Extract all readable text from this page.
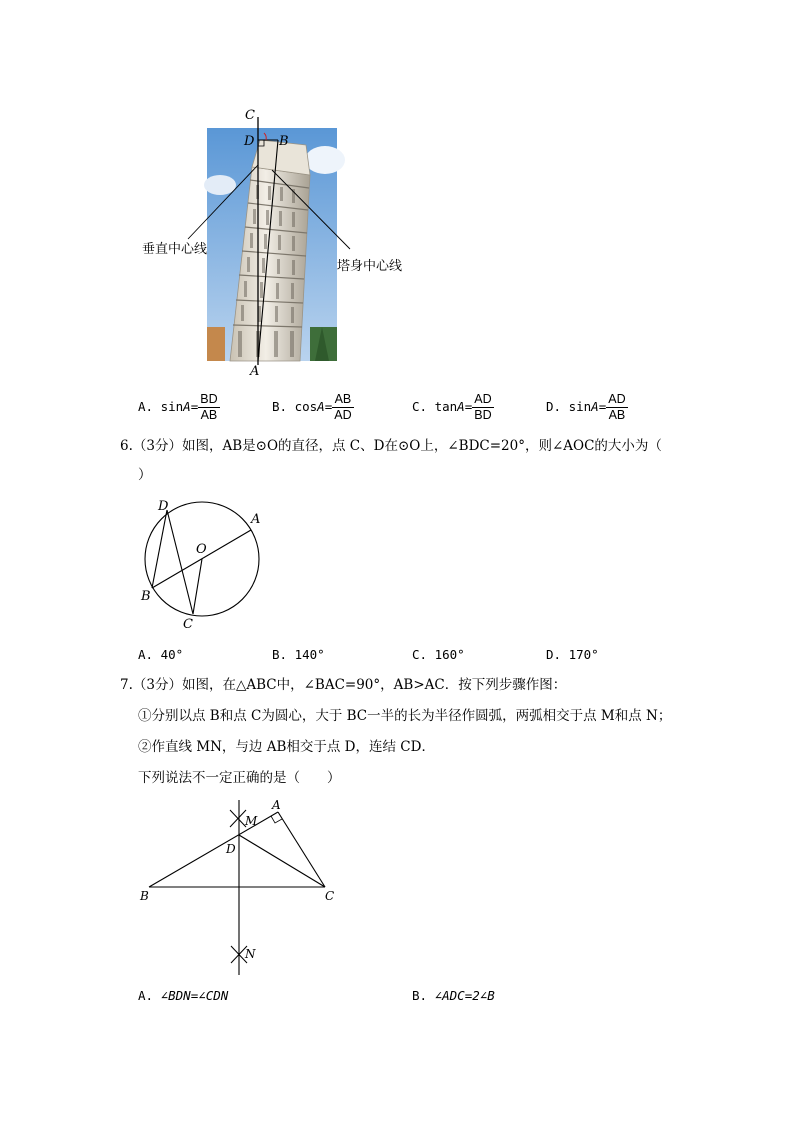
C
D B
A
垂直中心线
塔身中心线
A. $\sin A= \frac{BD}{AB}$	B. $\cos A= \frac{AB}{AD}$	C. $\tan A= \frac{AD}{BD}$	D. $\sin A= \frac{AD}{AB}$
6.（3分）如图，AB是⊙O的直径，点 C、D在⊙O上，∠BDC=20°，则∠AOC的大小为（
）
D
A
O
B
C
A. 40°	B. 140°	C. 160°	D. 170°
7.（3分）如图，在△ABC中，∠BAC=90°，AB>AC．按下列步骤作图：
①分别以点 B和点 C为圆心，大于 BC一半的长为半径作圆弧，两弧相交于点 M和点 N；
②作直线 MN，与边 AB相交于点 D，连结 CD．
下列说法不一定正确的是（　　）
A
M
D
B	C
N
A. ∠BDN=∠CDN	B. ∠ADC=2∠B
